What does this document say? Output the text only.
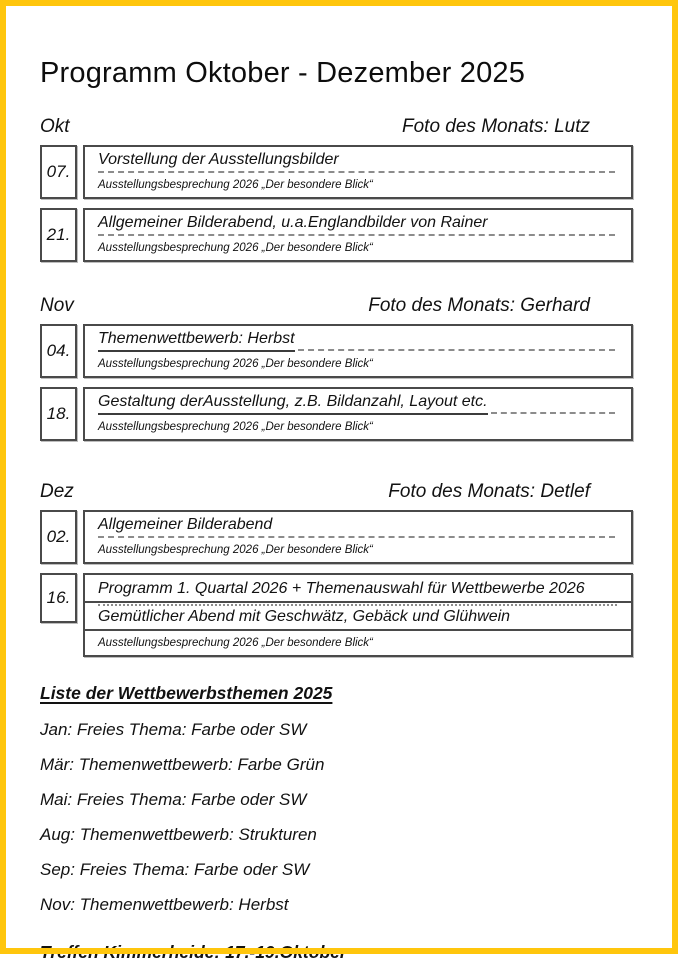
Programm Oktober - Dezember 2025
Okt	Foto des Monats: Lutz
07.
Vorstellung der Ausstellungsbilder
Ausstellungsbesprechung 2026 „Der besondere Blick“
21.
Allgemeiner Bilderabend, u.a.Englandbilder von Rainer
Ausstellungsbesprechung 2026 „Der besondere Blick“
Nov	Foto des Monats: Gerhard
04.
Themenwettbewerb: Herbst
Ausstellungsbesprechung 2026 „Der besondere Blick“
18.
Gestaltung derAusstellung, z.B. Bildanzahl, Layout etc.
Ausstellungsbesprechung 2026 „Der besondere Blick“
Dez	Foto des Monats: Detlef
02.
Allgemeiner Bilderabend
Ausstellungsbesprechung 2026 „Der besondere Blick“
16.	Programm 1. Quartal 2026 + Themenauswahl für Wettbewerbe 2026
Gemütlicher Abend mit Geschwätz, Gebäck und Glühwein
Ausstellungsbesprechung 2026 „Der besondere Blick“

Liste der Wettbewerbsthemen 2025

Jan: Freies Thema: Farbe oder SW
Mär: Themenwettbewerb: Farbe Grün
Mai: Freies Thema: Farbe oder SW
Aug: Themenwettbewerb: Strukturen
Sep: Freies Thema: Farbe oder SW
Nov: Themenwettbewerb: Herbst
Treffen Kimmerheide: 17.-19.Oktober
